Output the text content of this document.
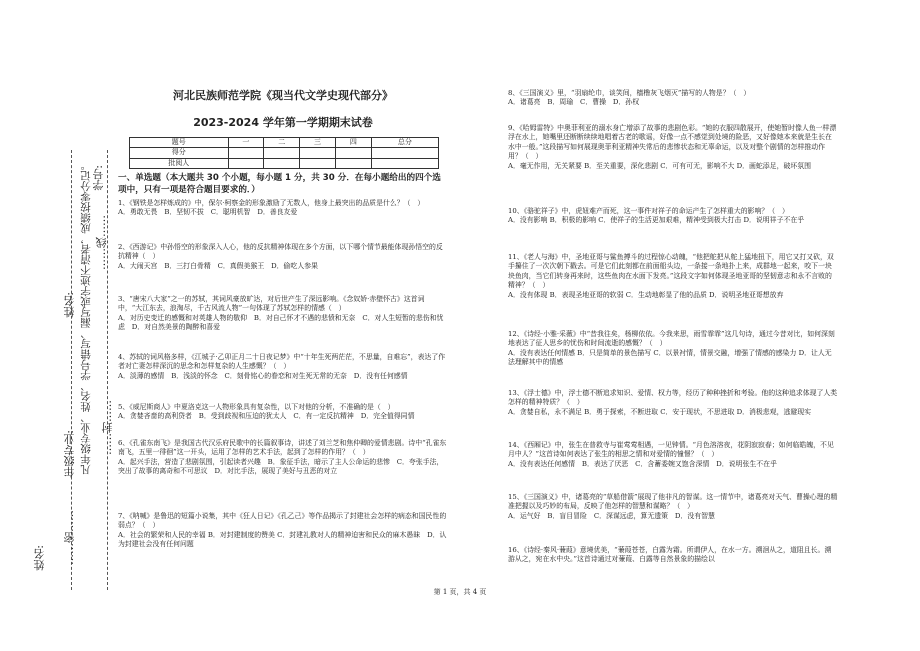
学号:
……线……
凡年级专业、姓名、学号错写、漏写或字迹不清者，成绩按零分记。
姓名:
……封……
年级专业:
……密……
姓名:
河北民族师范学院《现当代文学史现代部分》
2023-2024 学年第一学期期末试卷
题号	一	二	三	四	总分
得分					
批阅人					
一、单选题（本大题共 30 个小题，每小题 1 分，共 30 分．在每小题给出的四个选项中，只有一项是符合题目要求的．）

1、《钢铁是怎样炼成的》中，保尔·柯察金的形象激励了无数人，他身上最突出的品质是什么？（　）

A．勇敢无畏　B．坚韧不拔　C．聪明机智　D．善良友爱

2、《西游记》中孙悟空的形象深入人心，他的反抗精神体现在多个方面，以下哪个情节最能体现孙悟空的反抗精神（　）

A．大闹天宫　B．三打白骨精　C．真假美猴王　D．偷吃人参果

3、“唐宋八大家”之一的苏轼，其词风豪放旷达，对后世产生了深远影响。《念奴娇·赤壁怀古》这首词中，“大江东去，浪淘尽，千古风流人物”一句体现了苏轼怎样的情感（　）

A．对历史变迁的感慨和对英雄人物的敬仰　B．对自己怀才不遇的悲愤和无奈　C．对人生短暂的悲伤和忧虑　D．对自然美景的陶醉和喜爱

4、苏轼的词风格多样，《江城子·乙卯正月二十日夜记梦》中“十年生死两茫茫，不思量，自难忘”，表达了作者对亡妻怎样深沉的思念和怎样复杂的人生感慨？（　）

A．淡薄的感情　B．浅淡的怀念　C．刻骨铭心的眷恋和对生死无常的无奈　D．没有任何感情

5、《威尼斯商人》中夏洛克这一人物形象具有复杂性，以下对他的分析，不准确的是（　）

A．贪婪吝啬的高利贷者　B．受到歧视和压迫的犹太人　C．有一定反抗精神　D．完全值得同情

6、《孔雀东南飞》是我国古代汉乐府民歌中的长篇叙事诗，讲述了刘兰芝和焦仲卿的爱情悲剧。诗中“孔雀东南飞，五里一徘徊”这一开头，运用了怎样的艺术手法，起到了怎样的作用？（　）

A．起兴手法，营造了悲剧氛围，引起读者兴趣　B．象征手法，暗示了主人公命运的悲惨　C．夸张手法，突出了故事的离奇和不可思议　D．对比手法，展现了美好与丑恶的对立

7、《呐喊》是鲁迅的短篇小说集，其中《狂人日记》《孔乙己》等作品揭示了封建社会怎样的病态和国民性的弱点？（　）

A．社会的繁荣和人民的幸福 B．对封建制度的赞美 C．封建礼教对人的精神迫害和民众的麻木愚昧　D．认为封建社会没有任何问题

8、《三国演义》里，“羽扇纶巾，谈笑间，樯橹灰飞烟灭”描写的人物是？（　）

A．诸葛亮　B．周瑜　C．曹操　D．孙权

9、《哈姆雷特》中奥菲利亚的溺水身亡增添了故事的悲剧色彩。“她的衣服四散展开，使她暂时像人鱼一样漂浮在水上，她嘴里还断断续续地唱着古老的歌谣，好像一点不感觉到处境的险恶，又好像她本来就是生长在水中一般。”这段描写如何展现奥菲利亚精神失常后的悲惨状态和无辜命运，以及对整个剧情的怎样推动作用？（　）

A．毫无作用，无关紧要 B．至关重要，深化悲剧 C．可有可无，影响不大 D．画蛇添足，破坏氛围

10、《骆驼祥子》中，虎妞难产而死，这一事件对祥子的命运产生了怎样重大的影响？（　）

A．没有影响 B．积极的影响 C．使祥子的生活更加艰难，精神受到极大打击 D．说明祥子不在乎

11、《老人与海》中，圣地亚哥与鲨鱼搏斗的过程惊心动魄，“他把舵把从舵上猛地扭下，用它又打又砍，双手攥住了一次次朝下戳去。可是它们此刻都在前面船头边，一条接一条地扑上来，成群地一起来，咬下一块块鱼肉，当它们转身再来时，这些鱼肉在水面下发亮。”这段文字如何体现圣地亚哥的坚韧意志和永不言败的精神？（　）

A．没有体现 B．表现圣地亚哥的软弱 C．生动地彰显了他的品质 D．说明圣地亚哥想放弃

12、《诗经·小雅·采薇》中“昔我往矣，杨柳依依。今我来思，雨雪霏霏”这几句诗，通过今昔对比，如何深刻地表达了征人思乡的忧伤和时间流逝的感慨？（　）

A．没有表达任何情感 B．只是简单的景色描写 C．以景衬情，情景交融，增强了情感的感染力 D．让人无法理解其中的情感

13、《浮士德》中，浮士德不断追求知识、爱情、权力等，经历了种种挫折和考验。他的这种追求体现了人类怎样的精神特质？（　）

A．贪婪自私，永不满足 B．勇于探索，不断进取 C．安于现状，不思进取 D．消极悲观，逃避现实

14、《西厢记》中，张生在普救寺与崔莺莺相遇，一见钟情。“月色溶溶夜，花阴寂寂春；如何临皓魄，不见月中人？”这首诗如何表达了张生的相思之情和对爱情的憧憬？（　）

A．没有表达任何感情　B．表达了厌恶　C．含蓄委婉又饱含深情　D．说明张生不在乎

15、《三国演义》中，诸葛亮的“草船借箭”展现了他非凡的智谋。这一情节中，诸葛亮对天气、曹操心理的精准把握以及巧妙的布局，反映了他怎样的智慧和谋略？（　）

A．运气好　B．盲目冒险　C．深谋远虑，算无遗策　D．没有智慧

16、《诗经·秦风·蒹葭》意境优美，“蒹葭苍苍，白露为霜。所谓伊人，在水一方。溯洄从之，道阻且长。溯游从之，宛在水中央。”这首诗通过对蒹葭、白露等自然景象的描绘以

第 1 页，共 4 页
